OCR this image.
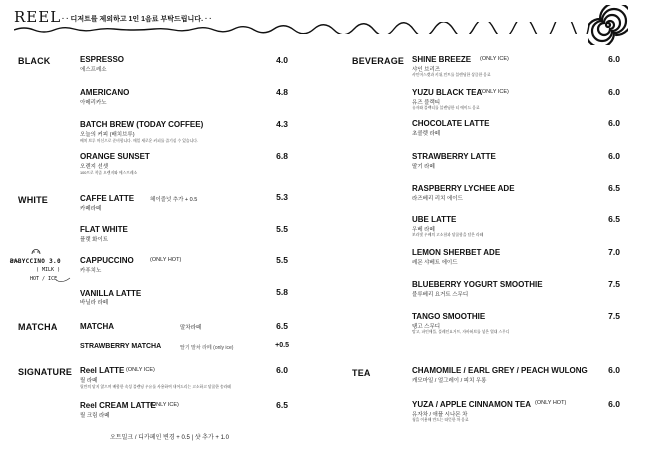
REEL · · 디저트를 제외하고 1인 1음료 부탁드립니다. · ·
BLACK	ESPRESSO
에스프레소
4.0
AMERICANO
아메리카노
4.8
BATCH BREW (TODAY COFFEE)
오늘의 커피 (배치브루)
배치 브루 머신으로 준비합니다. 매일 새로운 커피를 즐기실 수 있습니다.
4.3
ORANGE SUNSET
오렌지 선셋
100프로 착즙 오렌지와 에스프레소
6.8
WHITE	CAFFE LATTE	헤이즐넛 추가 + 0.5
카페라떼
5.3
FLAT WHITE
플랫 화이트
5.5
CAPPUCCINO	(ONLY HOT)
카푸치노
5.5
VANILLA LATTE
바닐라 라떼
5.8
BABYCCINO 3.0
( MILK )
HOT / ICE
MATCHA	MATCHA	말차라떼	6.5
STRAWBERRY MATCHA	딸기 말차 라떼 (only ice)	+0.5
SIGNATURE Reel LATTE (ONLY ICE)
릴 라떼
릴만의 달지 않으며 배합한 속성 블렌딩 우유를 사용하여 내어드리는 고소하고 달콤한 송라떼
6.0
Reel CREAM LATTE
(ONLY ICE)
릴 크림 라떼
6.5
BEVERAGE SHINE BREEZE (ONLY ICE)
샤인 브리즈
샤인머스캣과 키위,민트를 블렌딩한 상큼한 음료
6.0
YUZU BLACK TEA
(ONLY ICE)
유즈 블랙티
유자와 블랙티를 블렌딩한 티 에이드 음료
6.0
CHOCOLATE LATTE
초콜렛 라떼
6.0
STRAWBERRY LATTE
딸기 라떼
6.0
RASPBERRY LYCHEE ADE
라즈베리 리치 에이드
6.5
UBE LATTE
우베 라떼
보라빛 우베의 고소함과 달콤함을 담은 라떼
6.5
LEMON SHERBET ADE
레몬 샤베트 에이드
7.0
BLUEBERRY YOGURT SMOOTHIE
블루베리 요거트 스무디
7.5
TANGO SMOOTHIE
탱고 스무디
망고, 파인애플, 플레인요거트, 자바허브를 넣은 열대 스무디
7.5
TEA	CHAMOMILE / EARL GREY / PEACH WULONG
캐모마일 / 얼그레이 / 피치 우롱
6.0
YUZA / APPLE CINNAMON TEA (ONLY HOT)
유자차 / 애플 시나몬 차
청을 이용해 만드는 따뜻한 차 음료
6.0
오트밀크 / 디카페인 변경 + 0.5 | 샷 추가 + 1.0
